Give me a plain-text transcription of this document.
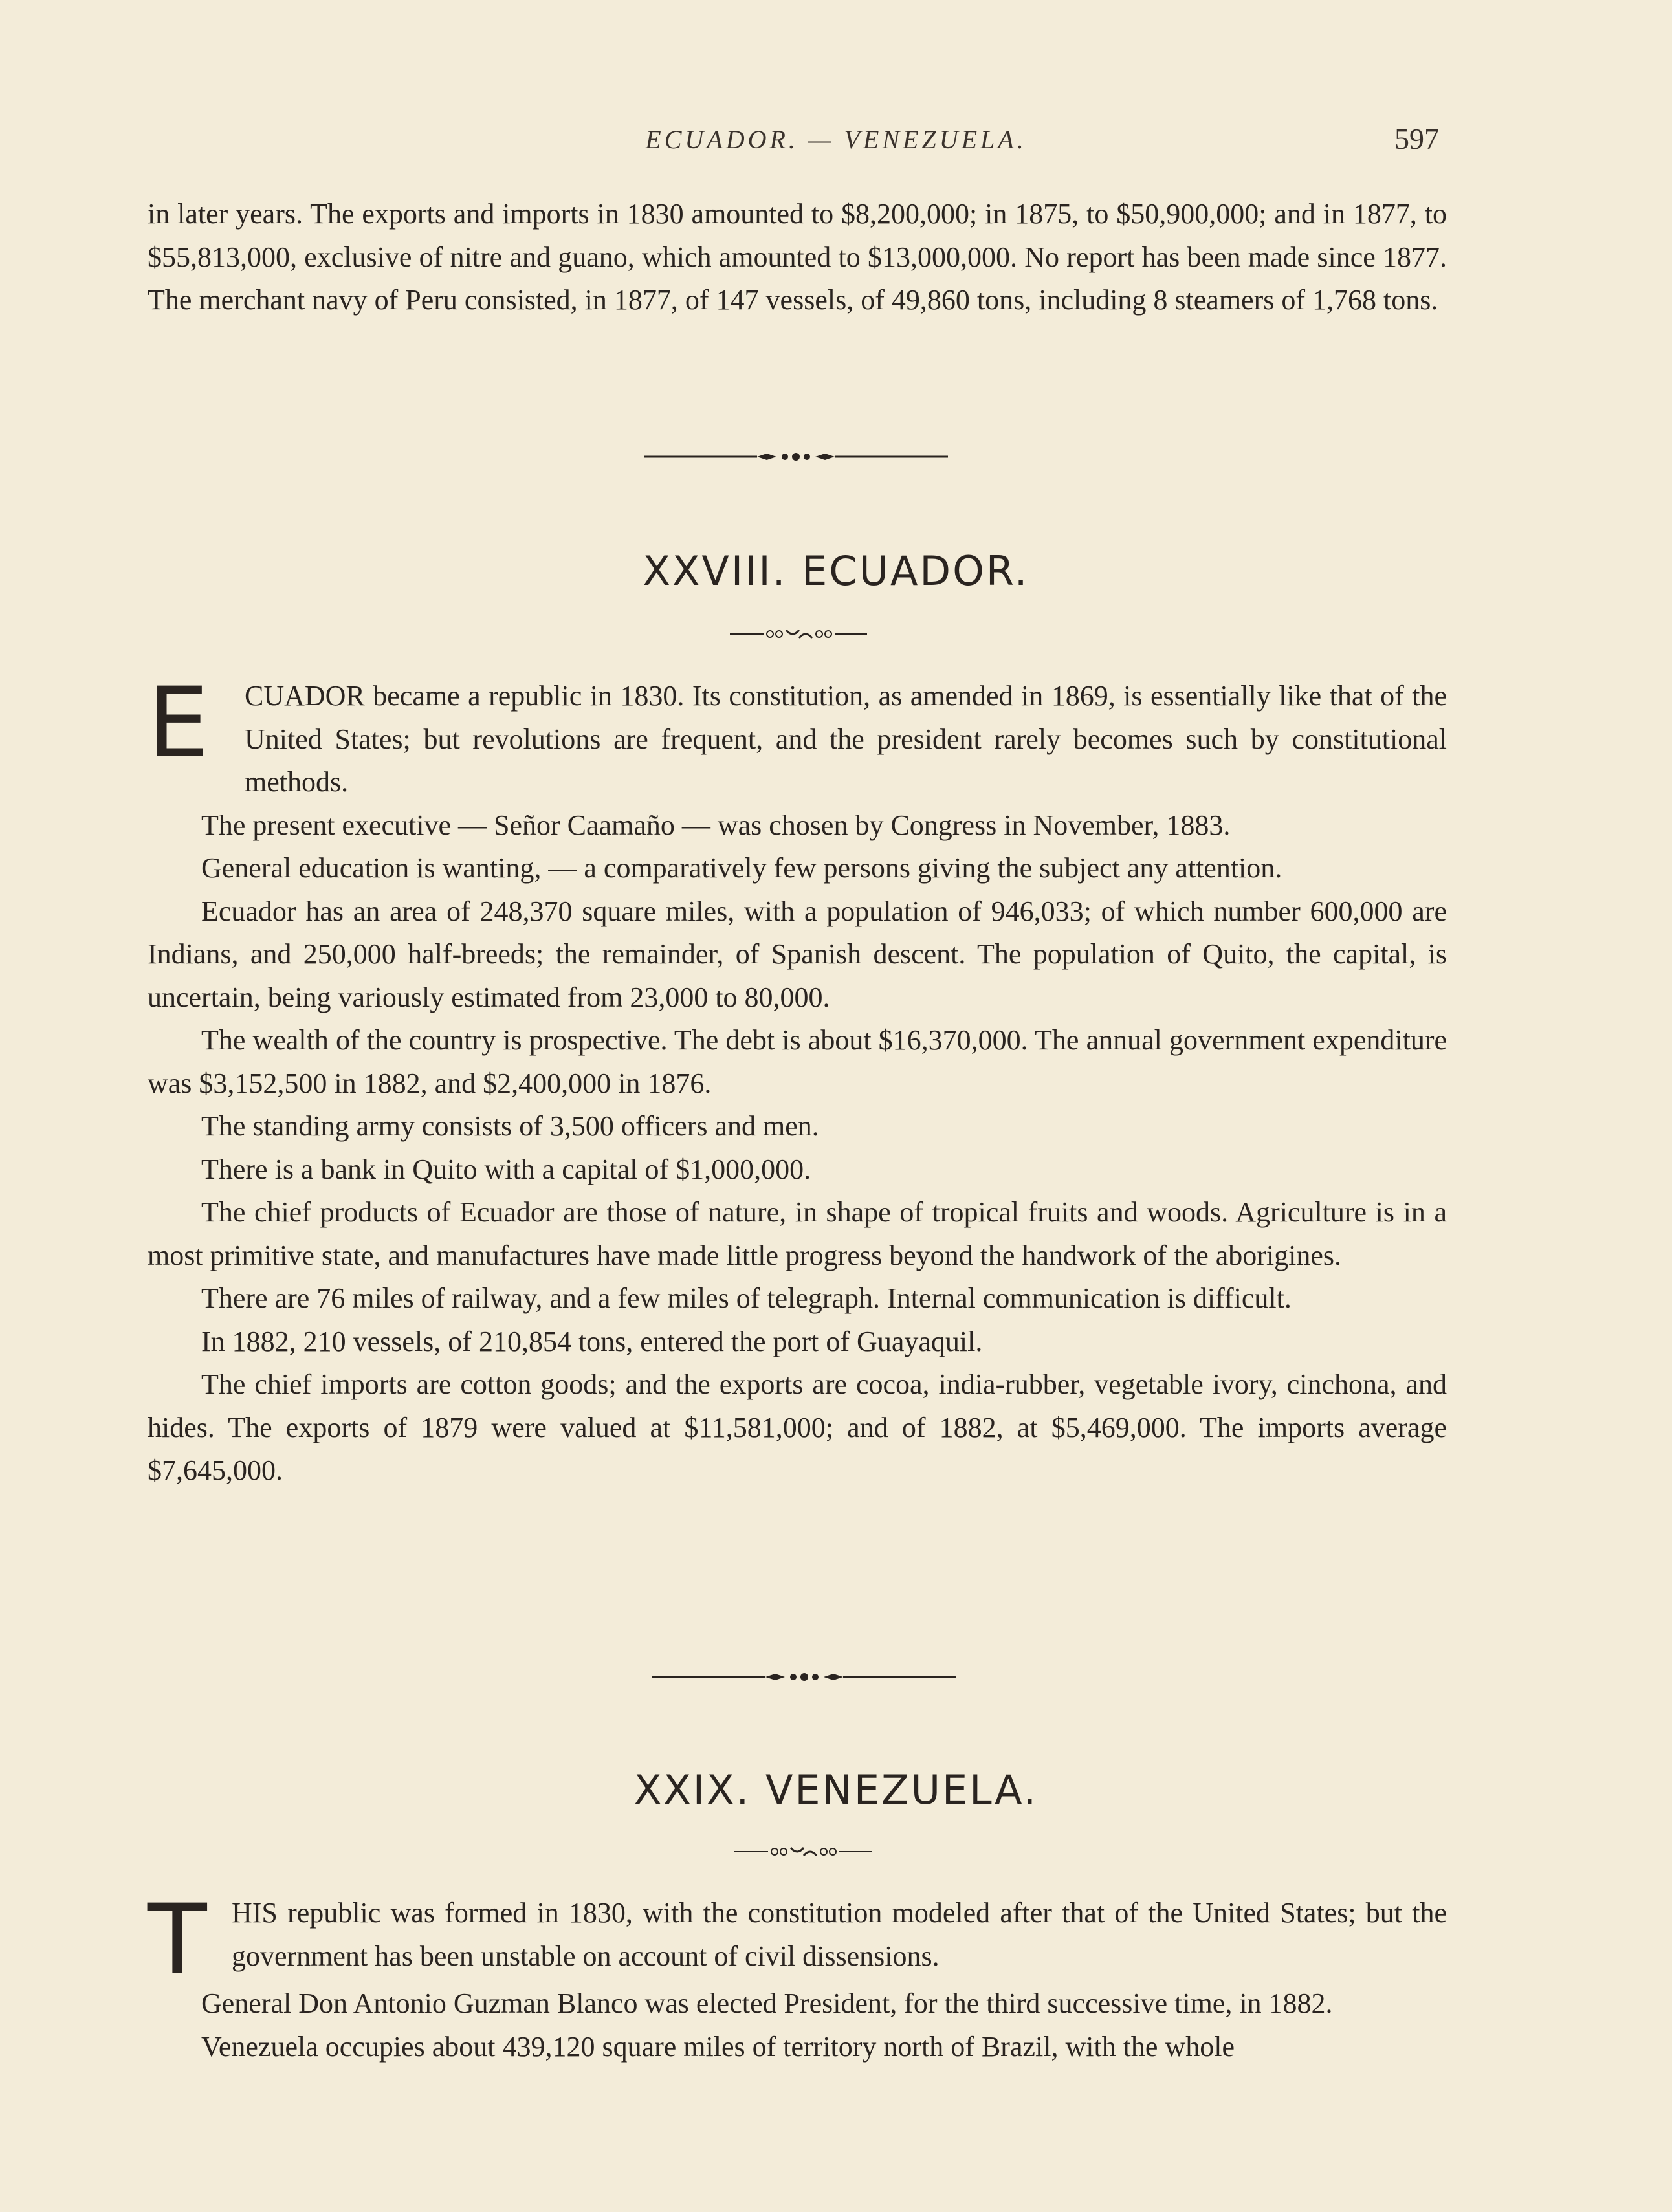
ECUADOR. — VENEZUELA.	597

in later years. The exports and imports in 1830 amounted to $8,200,000; in 1875, to $50,900,000; and in 1877, to $55,813,000, exclusive of nitre and guano, which amounted to $13,000,000. No report has been made since 1877. The merchant navy of Peru consisted, in 1877, of 147 vessels, of 49,860 tons, including 8 steamers of 1,768 tons.

XXVIII. ECUADOR.
E	CUADOR became a republic in 1830. Its constitution, as amended in 1869, is essentially like that of the United States; but revolutions are frequent, and the president rarely becomes such by constitutional methods.

The present executive — Señor Caamaño — was chosen by Congress in November, 1883.

General education is wanting, — a comparatively few persons giving the subject any attention.

Ecuador has an area of 248,370 square miles, with a population of 946,033; of which number 600,000 are Indians, and 250,000 half-breeds; the remainder, of Spanish descent. The population of Quito, the capital, is uncertain, being variously estimated from 23,000 to 80,000.

The wealth of the country is prospective. The debt is about $16,370,000. The annual government expenditure was $3,152,500 in 1882, and $2,400,000 in 1876.

The standing army consists of 3,500 officers and men.

There is a bank in Quito with a capital of $1,000,000.

The chief products of Ecuador are those of nature, in shape of tropical fruits and woods. Agriculture is in a most primitive state, and manufactures have made little progress beyond the handwork of the aborigines.

There are 76 miles of railway, and a few miles of telegraph. Internal communication is difficult.

In 1882, 210 vessels, of 210,854 tons, entered the port of Guayaquil.

The chief imports are cotton goods; and the exports are cocoa, india-rubber, vegetable ivory, cinchona, and hides. The exports of 1879 were valued at $11,581,000; and of 1882, at $5,469,000. The imports average $7,645,000.

XXIX. VENEZUELA.
T HIS republic was formed in 1830, with the constitution modeled after that of the United States; but the government has been unstable on account of civil dissensions.

General Don Antonio Guzman Blanco was elected President, for the third successive time, in 1882.

Venezuela occupies about 439,120 square miles of territory north of Brazil, with the whole
